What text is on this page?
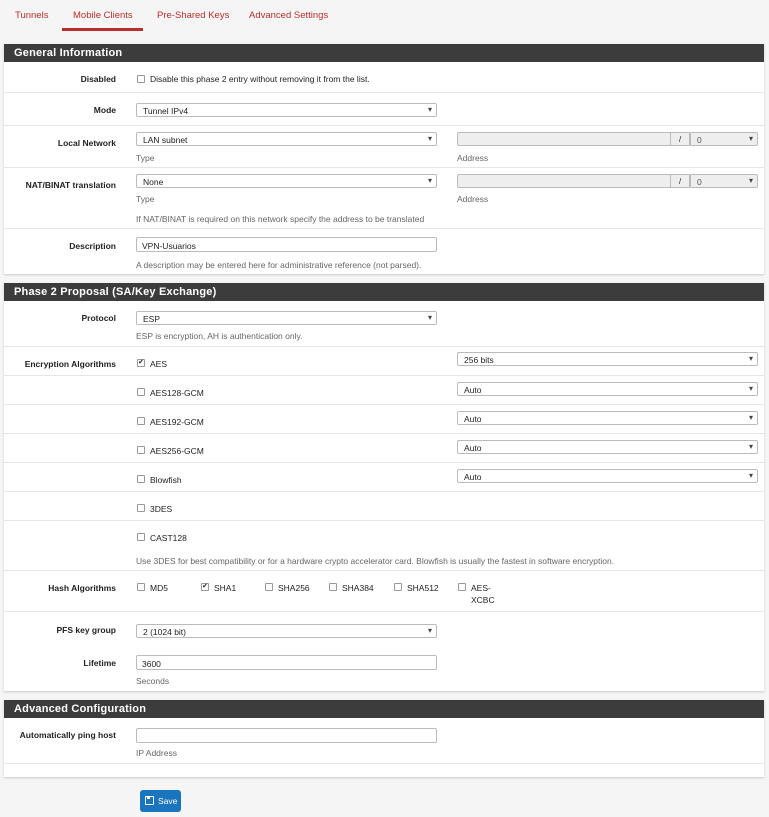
Tunnels	Mobile Clients	Pre-Shared Keys Advanced Settings
General Information
Disabled	Disable this phase 2 entry without removing it from the list.
Mode	Tunnel IPv4	▾
Local Network	LAN subnet	▾
Type
/	0	▾
Address
NAT/BINAT translation	None	▾
Type
/	0	▾
Address
If NAT/BINAT is required on this network specify the address to be translated
Description	VPN-Usuarios
A description may be entered here for administrative reference (not parsed).
Phase 2 Proposal (SA/Key Exchange)
Protocol	ESP	▾
ESP is encryption, AH is authentication only.
Encryption Algorithms	✔ AES	256 bits	▾
AES128-GCM	Auto	▾
AES192-GCM	Auto	▾
AES256-GCM	Auto	▾
Blowfish	Auto	▾
3DES
CAST128
Use 3DES for best compatibility or for a hardware crypto accelerator card. Blowfish is usually the fastest in software encryption.
Hash Algorithms	MD5	✔ SHA1	SHA256	SHA384	SHA512	AES-
XCBC
PFS key group	2 (1024 bit)	▾
Lifetime	3600
Seconds
Advanced Configuration
Automatically ping host
IP Address
Save
